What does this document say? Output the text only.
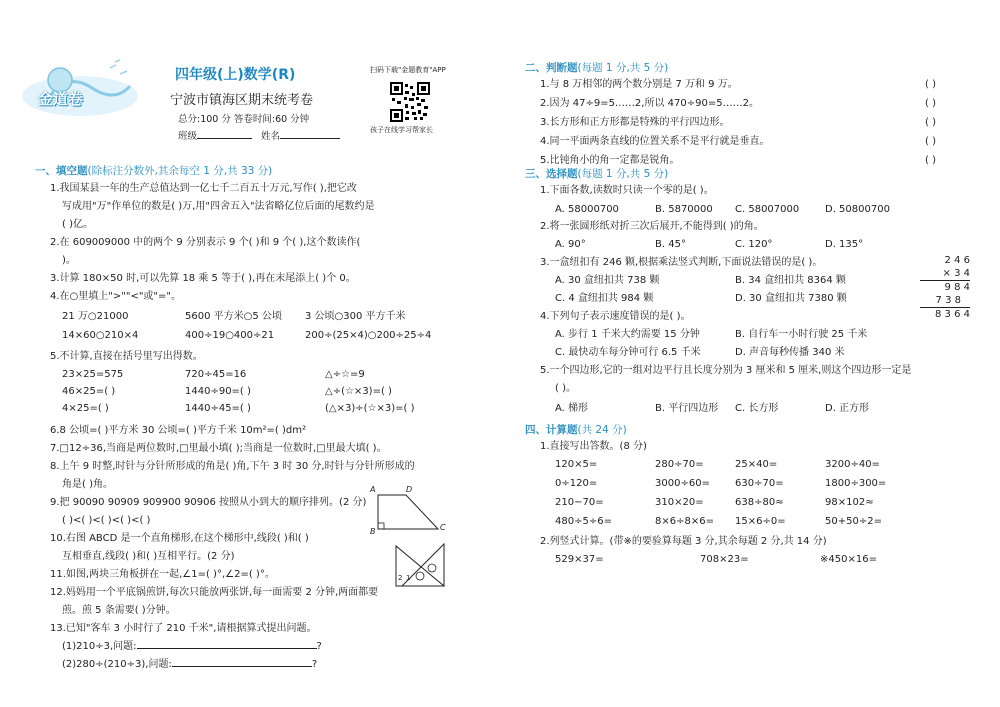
金道卷
四年级(上)数学(R)
宁波市镇海区期末统考卷
总分:100 分 答卷时间:60 分钟
班级	姓名
扫码下载"金题教育"APP
孩子在线学习帮家长
一、填空题(除标注分数外,其余每空 1 分,共 33 分)
1.我国某县一年的生产总值达到一亿七千二百五十万元,写作( ),把它改
写成用"万"作单位的数是( )万,用"四舍五入"法省略亿位后面的尾数约是
( )亿。
2.在 609009000 中的两个 9 分别表示 9 个( )和 9 个( ),这个数读作(
)。
3.计算 180×50 时,可以先算 18 乘 5 等于( ),再在末尾添上( )个 0。
4.在○里填上">""<"或"="。
21 万○21000	5600 平方米○5 公顷 3 公顷○300 平方千米
14×60○210×4	400÷19○400÷21	200÷(25×4)○200÷25÷4
5.不计算,直接在括号里写出得数。
23×25=575	720÷45=16	△÷☆=9
46×25=( )	1440÷90=( )	△÷(☆×3)=( )
4×25=( )	1440÷45=( )	(△×3)÷(☆×3)=( )
6.8 公顷=( )平方米 30 公顷=( )平方千米 10m²=( )dm²
7.□12÷36,当商是两位数时,□里最小填( );当商是一位数时,□里最大填( )。
8.上午 9 时整,时针与分针所形成的角是( )角,下午 3 时 30 分,时针与分针所形成的
角是( )角。
9.把 90090 90909 909900 90906 按照从小到大的顺序排列。(2 分)
( )<( )<( )<( )<( )
10.右图 ABCD 是一个直角梯形,在这个梯形中,线段( )和( )
互相垂直,线段( )和( )互相平行。(2 分)
11.如图,两块三角板拼在一起,∠1=( )°,∠2=( )°。
12.妈妈用一个平底锅煎饼,每次只能放两张饼,每一面需要 2 分钟,两面都要
煎。煎 5 条需要( )分钟。
13.已知"客车 3 小时行了 210 千米",请根据算式提出问题。
(1)210÷3,问题:	?
(2)280÷(210÷3),问题:	?
A	D
B	C
2 1
二、判断题(每题 1 分,共 5 分)
1.与 8 万相邻的两个数分别是 7 万和 9 万。	( )
2.因为 47÷9=5……2,所以 470÷90=5……2。	( )
3.长方形和正方形都是特殊的平行四边形。	( )
4.同一平面两条直线的位置关系不是平行就是垂直。	( )
5.比钝角小的角一定都是锐角。	( )
三、选择题(每题 1 分,共 5 分)
1.下面各数,读数时只读一个零的是( )。
A. 58000700	B. 5870000 C. 58007000	D. 50800700
2.将一张圆形纸对折三次后展开,不能得到( )的角。
A. 90°	B. 45°	C. 120°	D. 135°
3.一盒纽扣有 246 颗,根据乘法竖式判断,下面说法错误的是( )。
A. 30 盒纽扣共 738 颗	B. 34 盒纽扣共 8364 颗
C. 4 盒纽扣共 984 颗	D. 30 盒纽扣共 7380 颗
2 4 6
× 3 4
9 8 4
7 3 8
8 3 6 4
4.下列句子表示速度错误的是( )。
A. 步行 1 千米大约需要 15 分钟	B. 自行车一小时行驶 25 千米
C. 最快动车每分钟可行 6.5 千米	D. 声音每秒传播 340 米
5.一个四边形,它的一组对边平行且长度分别为 3 厘米和 5 厘米,则这个四边形一定是
( )。
A. 梯形	B. 平行四边形 C. 长方形	D. 正方形
四、计算题(共 24 分)
1.直接写出答数。(8 分)
120×5=	280÷70=	25×40=	3200÷40=
0÷120=	3000÷60=	630÷70=	1800÷300=
210−70=	310×20=	638÷80≈	98×102≈
480÷5÷6=	8×6÷8×6= 15×6÷0=	50+50÷2=
2.列竖式计算。(带※的要验算每题 3 分,其余每题 2 分,共 14 分)
529×37=	708×23=	※450×16=
